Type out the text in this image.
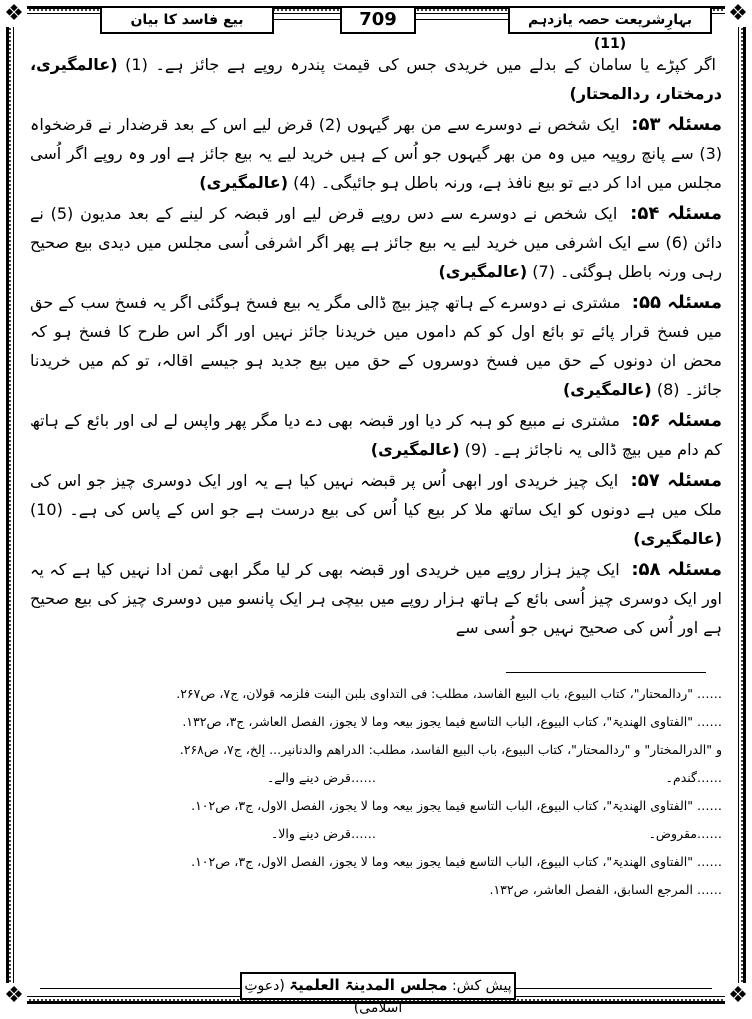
❖	❖
❖	❖
بہارِشریعت حصہ یازدہم (11)
709
بیع فاسد کا بیان

اگر کپڑے یا سامان کے بدلے میں خریدی جس کی قیمت پندرہ روپے ہے جائز ہے۔ (1) (عالمگیری، درمختار، ردالمحتار)

مسئلہ ۵۳: ایک شخص نے دوسرے سے من بھر گیہوں (2) قرض لیے اس کے بعد قرضدار نے قرضخواہ (3) سے پانچ روپیہ میں وہ من بھر گیہوں جو اُس کے ہیں خرید لیے یہ بیع جائز ہے اور وہ روپے اگر اُسی مجلس میں ادا کر دیے تو بیع نافذ ہے، ورنہ باطل ہو جائیگی۔ (4) (عالمگیری)

مسئلہ ۵۴: ایک شخص نے دوسرے سے دس روپے قرض لیے اور قبضہ کر لینے کے بعد مدیون (5) نے دائن (6) سے ایک اشرفی میں خرید لیے یہ بیع جائز ہے پھر اگر اشرفی اُسی مجلس میں دیدی بیع صحیح رہی ورنہ باطل ہوگئی۔ (7) (عالمگیری)

مسئلہ ۵۵: مشتری نے دوسرے کے ہاتھ چیز بیچ ڈالی مگر یہ بیع فسخ ہوگئی اگر یہ فسخ سب کے حق میں فسخ قرار پائے تو بائع اول کو کم داموں میں خریدنا جائز نہیں اور اگر اس طرح کا فسخ ہو کہ محض ان دونوں کے حق میں فسخ دوسروں کے حق میں بیع جدید ہو جیسے اقالہ، تو کم میں خریدنا جائز۔ (8) (عالمگیری)

مسئلہ ۵۶: مشتری نے مبیع کو ہبہ کر دیا اور قبضہ بھی دے دیا مگر پھر واپس لے لی اور بائع کے ہاتھ کم دام میں بیچ ڈالی یہ ناجائز ہے۔ (9) (عالمگیری)

مسئلہ ۵۷: ایک چیز خریدی اور ابھی اُس پر قبضہ نہیں کیا ہے یہ اور ایک دوسری چیز جو اس کی ملک میں ہے دونوں کو ایک ساتھ ملا کر بیع کیا اُس کی بیع درست ہے جو اس کے پاس کی ہے۔ (10) (عالمگیری)

مسئلہ ۵۸: ایک چیز ہزار روپے میں خریدی اور قبضہ بھی کر لیا مگر ابھی ثمن ادا نہیں کیا ہے کہ یہ اور ایک دوسری چیز اُسی بائع کے ہاتھ ہزار روپے میں بیچی ہر ایک پانسو میں دوسری چیز کی بیع صحیح ہے اور اُس کی صحیح نہیں جو اُسی سے

…… "ردالمحتار"، کتاب البیوع، باب البیع الفاسد، مطلب: فی التداوی بلبن البنت فلزمہ قولان، ج۷، ص۲۶۷.
…… "الفتاوی الھندیۃ"، کتاب البیوع، الباب التاسع فیما یجوز بیعہ وما لا یجوز، الفصل العاشر، ج۳، ص۱۳۲.
و "الدرالمختار" و "ردالمحتار"، کتاب البیوع، باب البیع الفاسد، مطلب: الدراھم والدنانیر... إلخ، ج۷، ص۲۶۸.
……گندم۔
……قرض دینے والے۔
…… "الفتاوی الھندیۃ"، کتاب البیوع، الباب التاسع فیما یجوز بیعہ وما لا یجوز، الفصل الاول، ج۳، ص۱۰۲.
……مقروض۔
……قرض دینے والا۔
…… "الفتاوی الھندیۃ"، کتاب البیوع، الباب التاسع فیما یجوز بیعہ وما لا یجوز، الفصل الاول، ج۳، ص۱۰۲.
…… المرجع السابق، الفصل العاشر، ص۱۳۲.
پیش کش: مجلس المدینۃ العلمیۃ (دعوتِ اسلامی)
